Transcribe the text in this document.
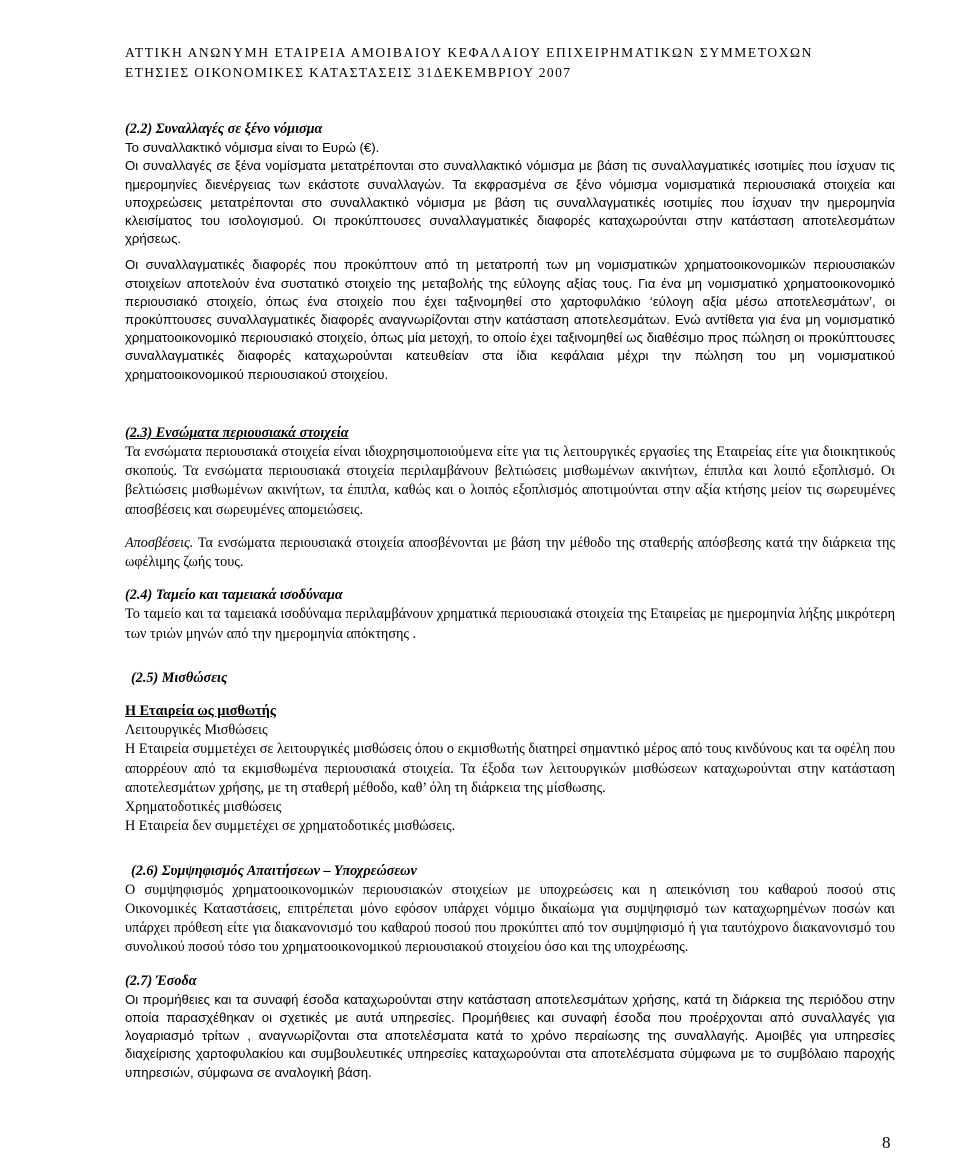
ΑΤΤΙΚΗ ΑΝΩΝΥΜΗ ΕΤΑΙΡΕΙΑ ΑΜΟΙΒΑΙΟΥ ΚΕΦΑΛΑΙΟΥ ΕΠΙΧΕΙΡΗΜΑΤΙΚΩΝ ΣΥΜΜΕΤΟΧΩΝ
ΕΤΗΣΙΕΣ ΟΙΚΟΝΟΜΙΚΕΣ ΚΑΤΑΣΤΑΣΕΙΣ 31ΔΕΚΕΜΒΡΙΟΥ 2007
(2.2) Συναλλαγές σε ξένο νόμισμα

Το συναλλακτικό νόμισμα είναι το Ευρώ (€).

Οι συναλλαγές σε ξένα νομίσματα μετατρέπονται στο συναλλακτικό νόμισμα με βάση τις συναλλαγματικές ισοτιμίες που ίσχυαν τις ημερομηνίες διενέργειας των εκάστοτε συναλλαγών. Τα εκφρασμένα σε ξένο νόμισμα νομισματικά περιουσιακά στοιχεία και υποχρεώσεις μετατρέπονται στο συναλλακτικό νόμισμα με βάση τις συναλλαγματικές ισοτιμίες που ίσχυαν την ημερομηνία κλεισίματος του ισολογισμού. Οι προκύπτουσες συναλλαγματικές διαφορές καταχωρούνται στην κατάσταση αποτελεσμάτων χρήσεως.

Οι συναλλαγματικές διαφορές που προκύπτουν από τη μετατροπή των μη νομισματικών χρηματοοικονομικών περιουσιακών στοιχείων αποτελούν ένα συστατικό στοιχείο της μεταβολής της εύλογης αξίας τους. Για ένα μη νομισματικό χρηματοοικονομικό περιουσιακό στοιχείο, όπως ένα στοιχείο που έχει ταξινομηθεί στο χαρτοφυλάκιο ‘εύλογη αξία μέσω αποτελεσμάτων’, οι προκύπτουσες συναλλαγματικές διαφορές αναγνωρίζονται στην κατάσταση αποτελεσμάτων. Ενώ αντίθετα για ένα μη νομισματικό χρηματοοικονομικό περιουσιακό στοιχείο, όπως μία μετοχή, το οποίο έχει ταξινομηθεί ως διαθέσιμο προς πώληση οι προκύπτουσες συναλλαγματικές διαφορές καταχωρούνται κατευθείαν στα ίδια κεφάλαια μέχρι την πώληση του μη νομισματικού χρηματοοικονομικού περιουσιακού στοιχείου.

(2.3) Ενσώματα περιουσιακά στοιχεία

Τα ενσώματα περιουσιακά στοιχεία είναι ιδιοχρησιμοποιούμενα είτε για τις λειτουργικές εργασίες της Εταιρείας είτε για διοικητικούς σκοπούς. Τα ενσώματα περιουσιακά στοιχεία περιλαμβάνουν βελτιώσεις μισθωμένων ακινήτων, έπιπλα και λοιπό εξοπλισμό. Οι βελτιώσεις μισθωμένων ακινήτων, τα έπιπλα, καθώς και ο λοιπός εξοπλισμός αποτιμούνται στην αξία κτήσης μείον τις σωρευμένες αποσβέσεις και σωρευμένες απομειώσεις.

Αποσβέσεις. Τα ενσώματα περιουσιακά στοιχεία αποσβένονται με βάση την μέθοδο της σταθερής απόσβεσης κατά την διάρκεια της ωφέλιμης ζωής τους.

(2.4) Ταμείο και ταμειακά ισοδύναμα

Το ταμείο και τα ταμειακά ισοδύναμα περιλαμβάνουν χρηματικά περιουσιακά στοιχεία της Εταιρείας με ημερομηνία λήξης μικρότερη των τριών μηνών από την ημερομηνία απόκτησης .

(2.5) Μισθώσεις
Η Εταιρεία ως μισθωτής

Λειτουργικές Μισθώσεις

Η Εταιρεία συμμετέχει σε λειτουργικές μισθώσεις όπου ο εκμισθωτής διατηρεί σημαντικό μέρος από τους κινδύνους και τα οφέλη που απορρέουν από τα εκμισθωμένα περιουσιακά στοιχεία. Τα έξοδα των λειτουργικών μισθώσεων καταχωρούνται στην κατάσταση αποτελεσμάτων χρήσης, με τη σταθερή μέθοδο, καθ’ όλη τη διάρκεια της μίσθωσης.

Χρηματοδοτικές μισθώσεις

Η Εταιρεία δεν συμμετέχει σε χρηματοδοτικές μισθώσεις.

(2.6) Συμψηφισμός Απαιτήσεων – Υποχρεώσεων

Ο συμψηφισμός χρηματοοικονομικών περιουσιακών στοιχείων με υποχρεώσεις και η απεικόνιση του καθαρού ποσού στις Οικονομικές Καταστάσεις, επιτρέπεται μόνο εφόσον υπάρχει νόμιμο δικαίωμα για συμψηφισμό των καταχωρημένων ποσών και υπάρχει πρόθεση είτε για διακανονισμό του καθαρού ποσού που προκύπτει από τον συμψηφισμό ή για ταυτόχρονο διακανονισμό του συνολικού ποσού τόσο του χρηματοοικονομικού περιουσιακού στοιχείου όσο και της υποχρέωσης.

(2.7) Έσοδα

Οι προμήθειες και τα συναφή έσοδα καταχωρούνται στην κατάσταση αποτελεσμάτων χρήσης, κατά τη διάρκεια της περιόδου στην οποία παρασχέθηκαν οι σχετικές με αυτά υπηρεσίες. Προμήθειες και συναφή έσοδα που προέρχονται από συναλλαγές για λογαριασμό τρίτων , αναγνωρίζονται στα αποτελέσματα κατά το χρόνο περαίωσης της συναλλαγής. Αμοιβές για υπηρεσίες διαχείρισης χαρτοφυλακίου και συμβουλευτικές υπηρεσίες καταχωρούνται στα αποτελέσματα σύμφωνα με το συμβόλαιο παροχής υπηρεσιών, σύμφωνα σε αναλογική βάση.

8
